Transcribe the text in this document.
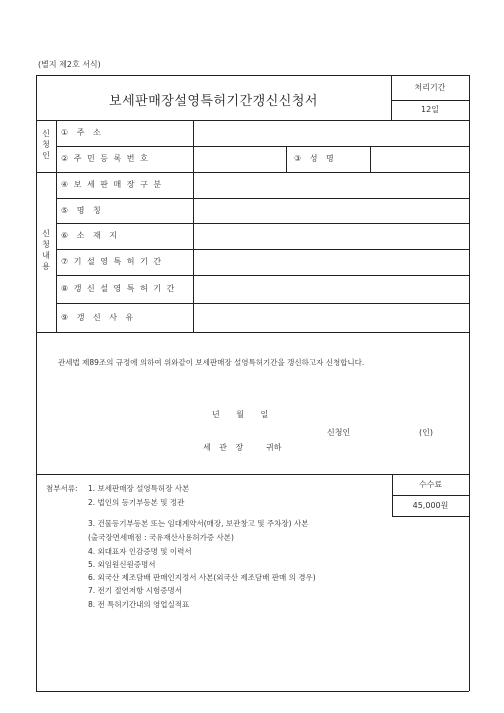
(별지 제2호 서식)
보세판매장설영특허기간갱신신청서
처리기간
12일
신
청
인
① 주 소
② 주 민 등 록 번 호	③ 성 명
신
청
내
용
④ 보 세 판 매 장 구 분
⑤ 명 칭
⑥ 소 재 지
⑦ 기 설 영 특 허 기 간
⑧ 갱 신 설 영 특 허 기 간
⑨ 갱 신 사 유
관세법 제89조의 규정에 의하여 위와같이 보세판매장 설영특허기간을 갱신하고자 신청합니다.
년 월 일
신청인	(인)
세 관 장 귀하
수수료
45,000원
첨부서류: 1. 보세판매장 설영특허장 사본
2. 법인의 등기부등본 및 정관
3. 건물등기부등본 또는 임대계약서(매장, 보관창고 및 주차장) 사본
(출국장면세매점 : 국유재산사용허가증 사본)
4. 외대표자 인감증명 및 이력서
5. 외임원신원증명서
6. 외국산 제조담배 판매인지정서 사본(외국산 제조담배 판매 의 경우)
7. 전기 절연저항 시험증명서
8. 전 특허기간내의 영업실적표
